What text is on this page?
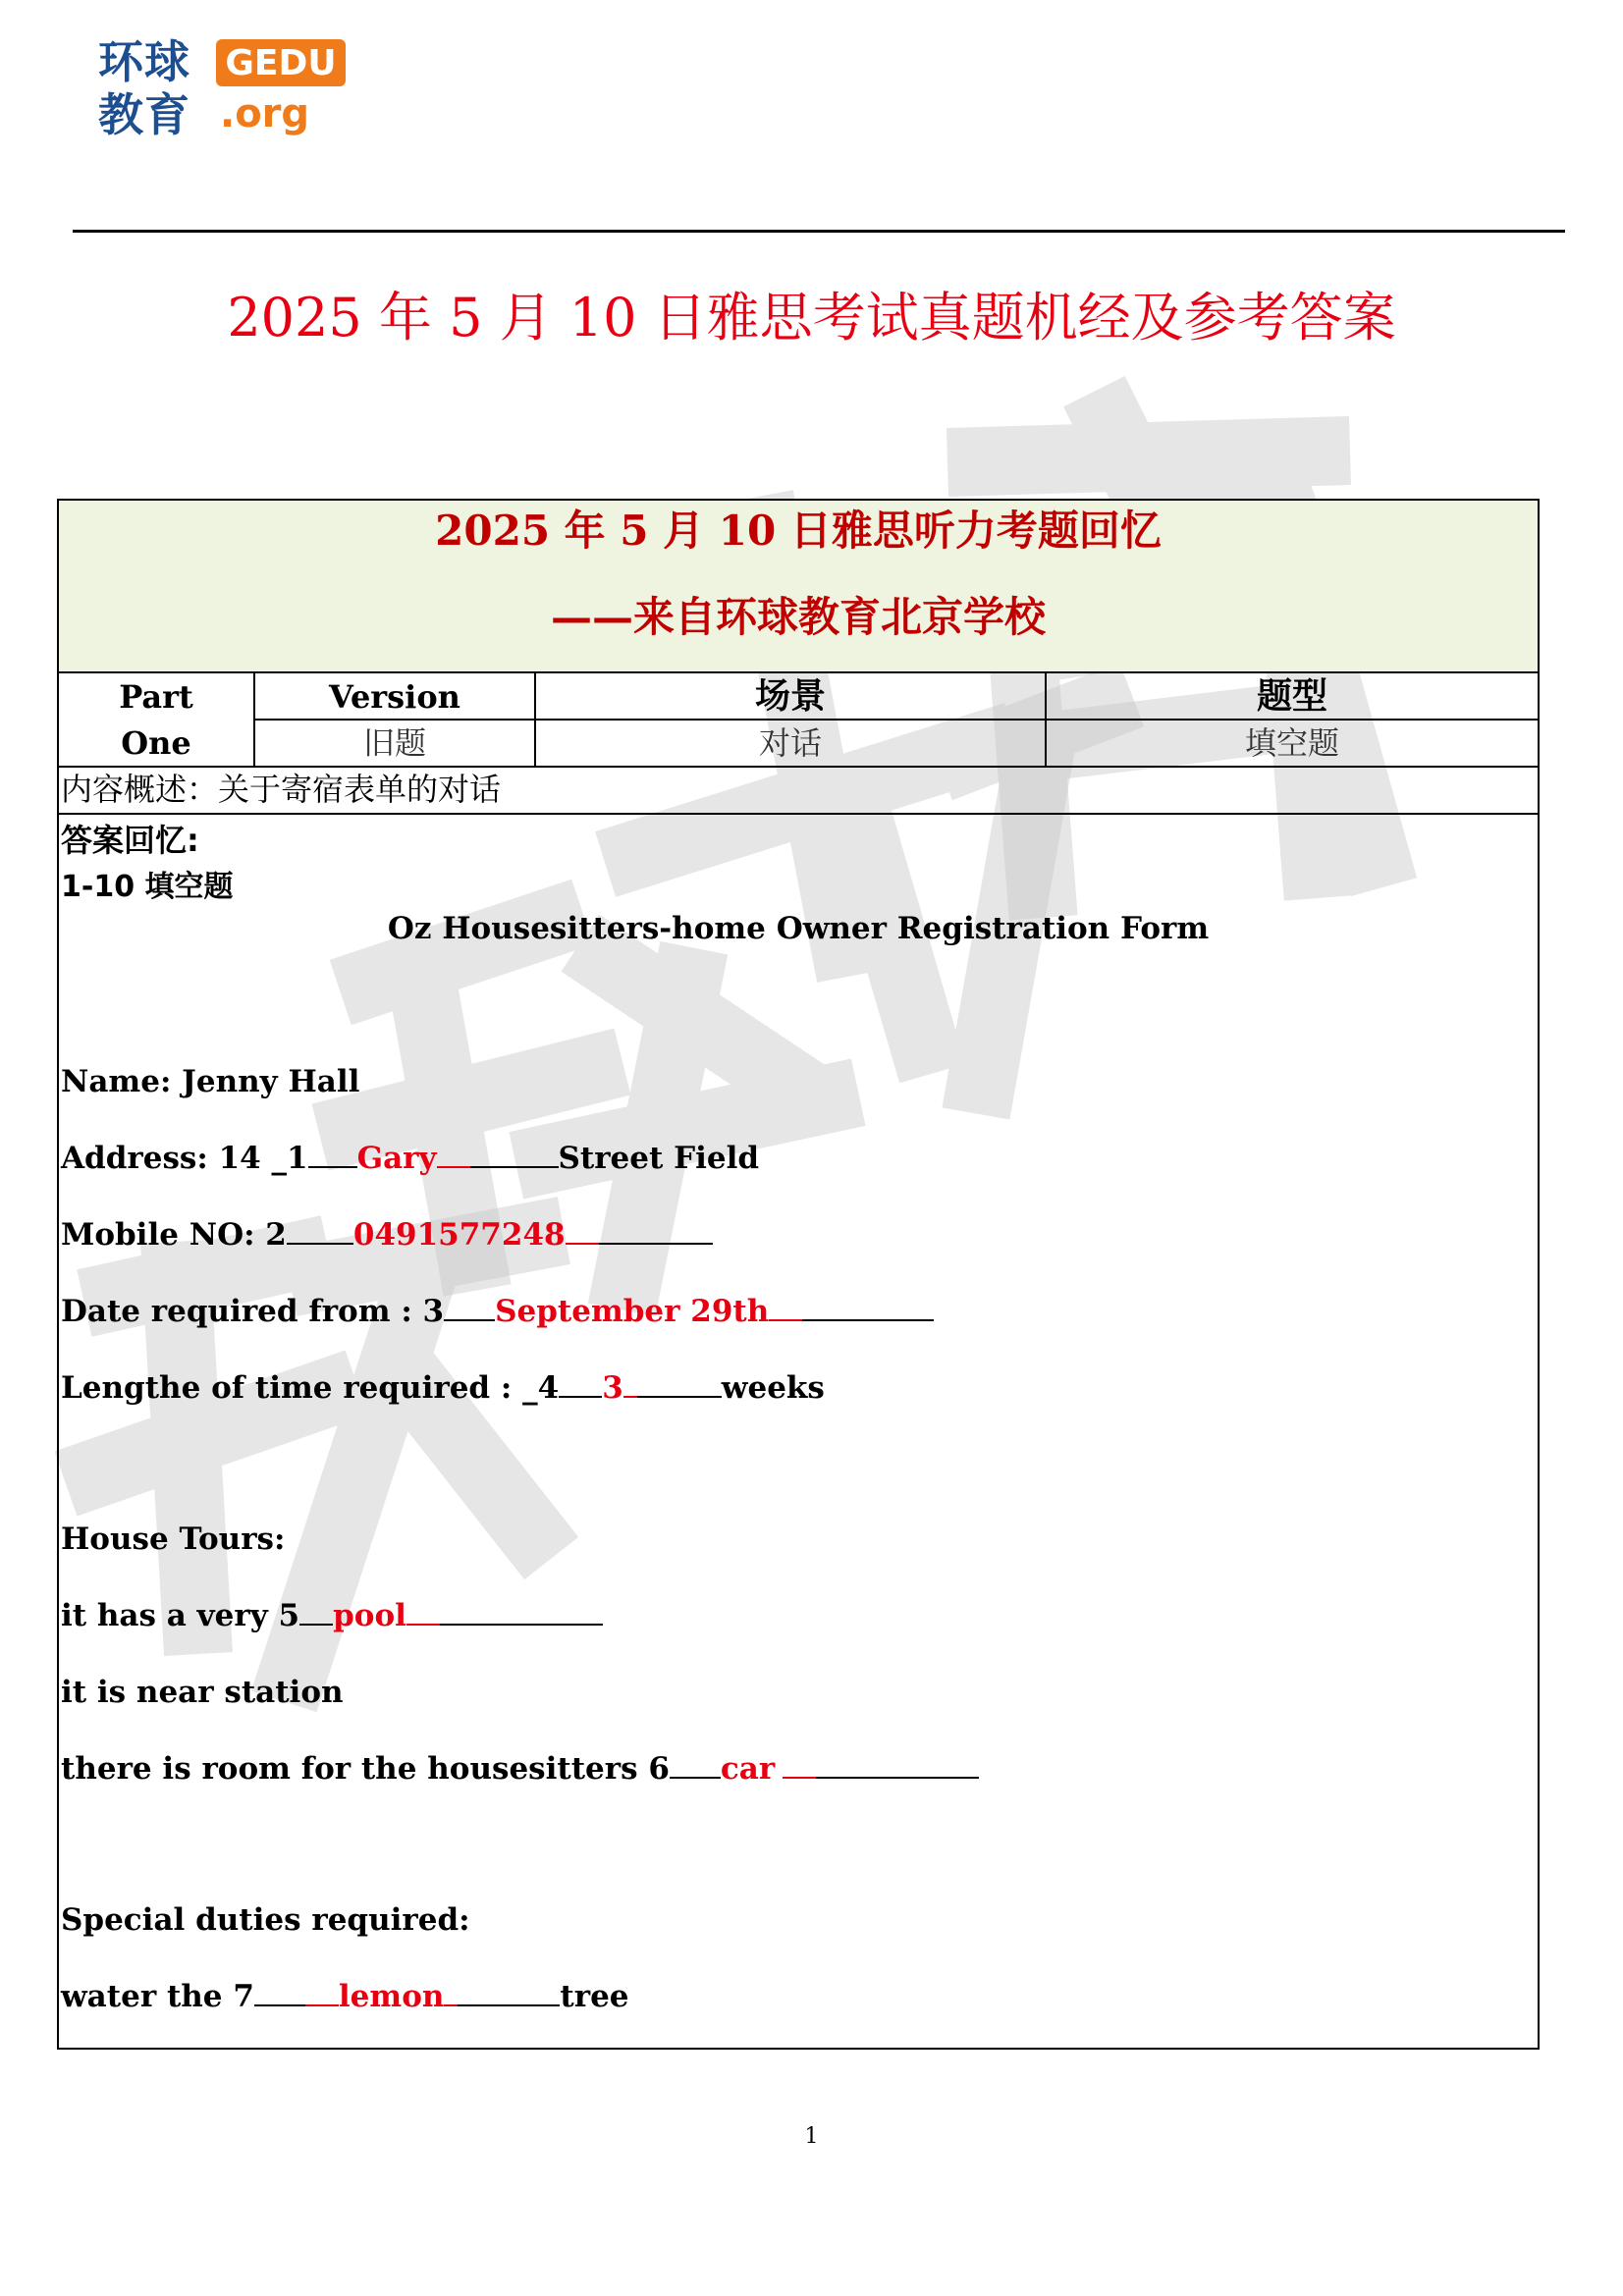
环球
教育
GEDU
.org
2025 年 5 月 10 日雅思考试真题机经及参考答案
2025 年 5 月 10 日雅思听力考题回忆
——来自环球教育北京学校
Part
One
Version	场景	题型
旧题	对话	填空题
内容概述：关于寄宿表单的对话
答案回忆:
1-10 填空题
Oz Housesitters-home Owner Registration Form
Name: Jenny Hall
Address: 14 _1 Gary	Street Field
Mobile NO: 2 0491577248
Date required from : 3 September 29th
Lengthe of time required : _4 3	weeks
House Tours:
it has a very 5 pool
it is near station
there is room for the housesitters 6 car
Special duties required:
water the 7	lemon	tree
1
